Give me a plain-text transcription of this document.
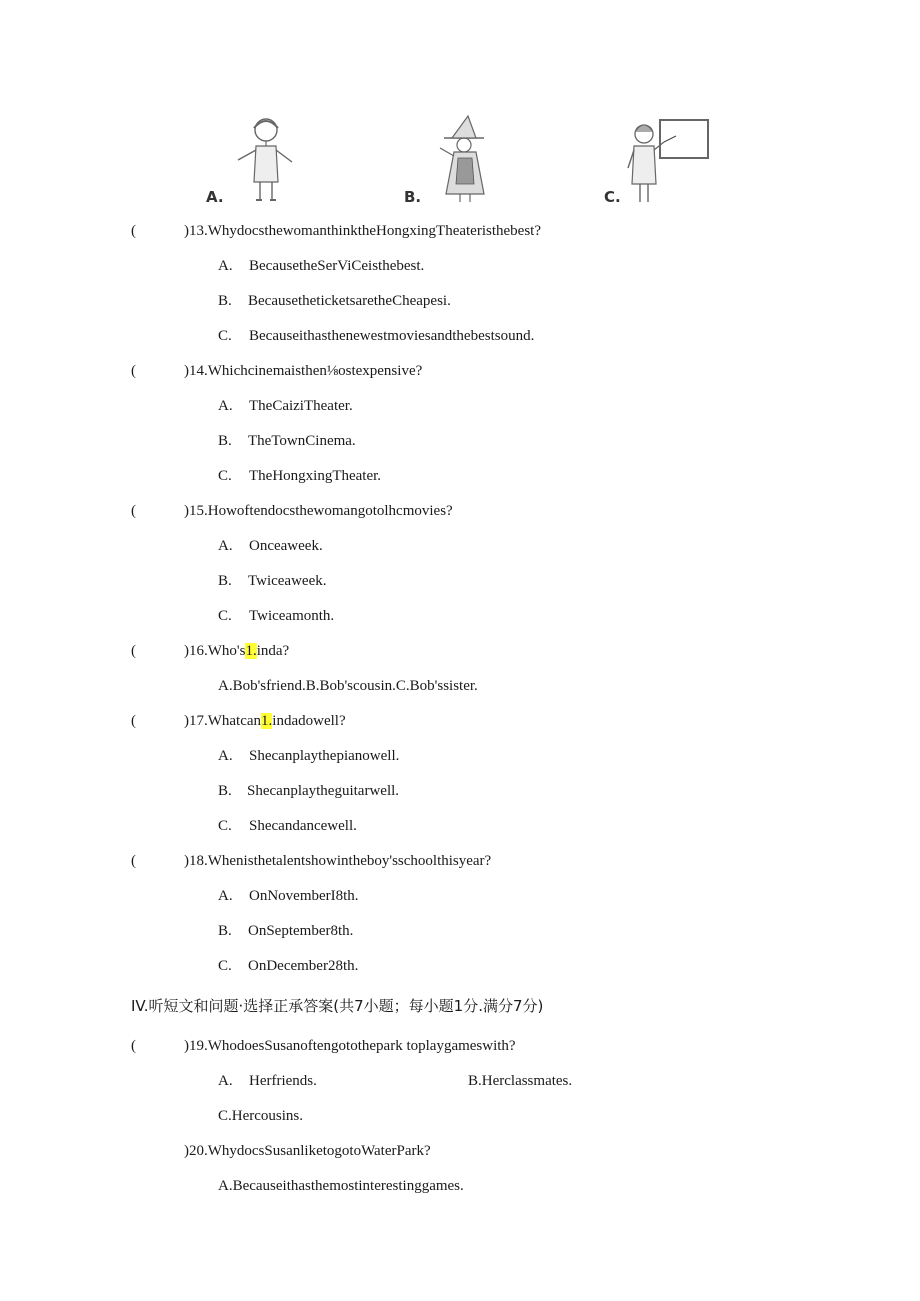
A.	B.	C.
(	)13.WhydocsthewomanthinktheHongxingTheateristhebest?
A. BecausetheSerViCeisthebest.
B. BecausetheticketsaretheCheapesi.
C. Becauseithasthenewestmoviesandthebestsound.
(	)14.Whichcinemaisthen⅛ostexpensive?
A. TheCaiziTheater.
B. TheTownCinema.
C. TheHongxingTheater.
(	)15.Howoftendocsthewomangotolhcmovies?
A. Onceaweek.
B. Twiceaweek.
C. Twiceamonth.
(	)16.Who's1.inda?
A.Bob'sfriend.B.Bob'scousin.C.Bob'ssister.
(	)17.Whatcan1.indadowell?
A. Shecanplaythepianowell.
B. Shecanplaytheguitarwell.
C. Shecandancewell.
(	)18.Whenisthetalentshowintheboy'sschoolthisyear?
A. OnNovemberI8th.
B. OnSeptember8th.
C. OnDecember28th.
IV.听短文和问题·选择正承答案(共7小题；每小题1分.满分7分)
(	)19.WhodoesSusanoftengotothepark toplaygameswith?
A. Herfriends.	B.Herclassmates.
C.Hercousins.
)20.WhydocsSusanliketogotoWaterPark?
A.Becauseithasthemostinterestinggames.
